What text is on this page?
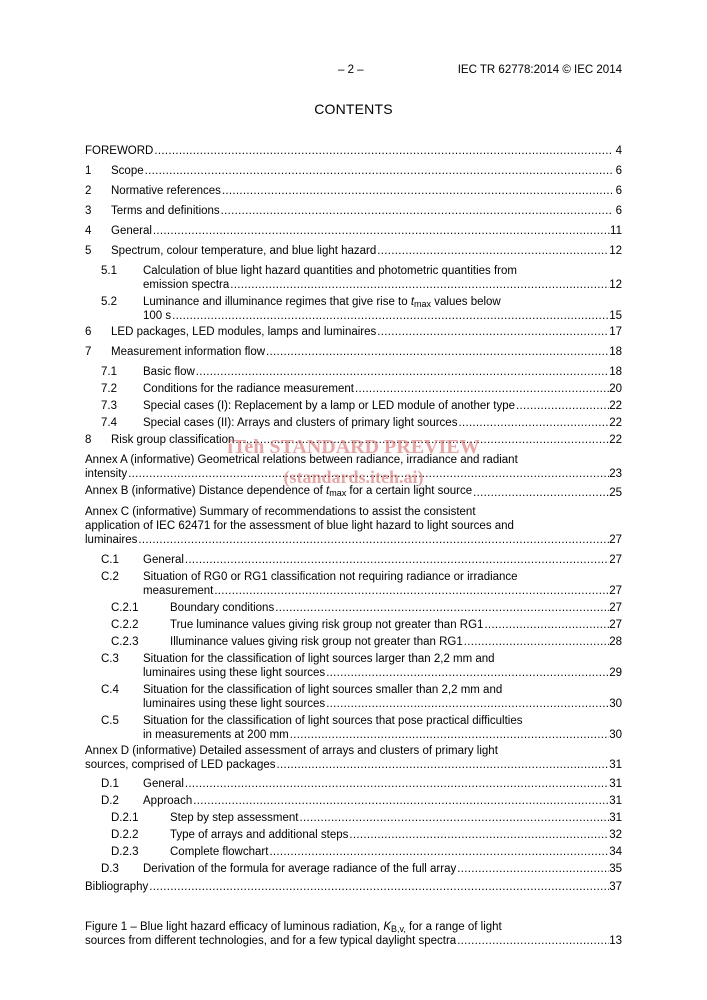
– 2 –	IEC TR 62778:2014 © IEC 2014
CONTENTS
FOREWORD .....	4
1	Scope .....	6
2	Normative references .....	6
3	Terms and definitions .....	6
4	General .....	11
5	Spectrum, colour temperature, and blue light hazard .....	12
5.1 Calculation of blue light hazard quantities and photometric quantities from
emission spectra .....	12
5.2 Luminance and illuminance regimes that give rise to $t_{max}$ values below
100 s .....	15
6	LED packages, LED modules, lamps and luminaires .....	17
7	Measurement information flow .....	18
7.1	Basic flow .....	18
7.2	Conditions for the radiance measurement .....	20
7.3	Special cases (I): Replacement by a lamp or LED module of another type .....	22
7.4	Special cases (II): Arrays and clusters of primary light sources .....	22
8	Risk group classification .....	22
Annex A (informative) Geometrical relations between radiance, irradiance and radiant
intensity .....	23
Annex B (informative) Distance dependence of $t_{max}$ for a certain light source .....	25
Annex C (informative) Summary of recommendations to assist the consistent
application of IEC 62471 for the assessment of blue light hazard to light sources and
luminaires .....	27
C.1	General .....	27
C.2 Situation of RG0 or RG1 classification not requiring radiance or irradiance
measurement .....	27
C.2.1	Boundary conditions .....	27
C.2.2	True luminance values giving risk group not greater than RG1 .....	27
C.2.3	Illuminance values giving risk group not greater than RG1 .....	28
C.3 Situation for the classification of light sources larger than 2,2 mm and
luminaires using these light sources .....	29
C.4 Situation for the classification of light sources smaller than 2,2 mm and
luminaires using these light sources .....	30
C.5 Situation for the classification of light sources that pose practical difficulties
in measurements at 200 mm .....	30
Annex D (informative) Detailed assessment of arrays and clusters of primary light
sources, comprised of LED packages .....	31
D.1	General .....	31
D.2	Approach .....	31
D.2.1	Step by step assessment .....	31
D.2.2	Type of arrays and additional steps .....	32
D.2.3	Complete flowchart .....	34
D.3	Derivation of the formula for average radiance of the full array .....	35
Bibliography .....	37
iTeh STANDARD PREVIEW
(standards.iteh.ai)
Figure 1 – Blue light hazard efficacy of luminous radiation, $K_{B,v,}$ for a range of light
sources from different technologies, and for a few typical daylight spectra .....	13
